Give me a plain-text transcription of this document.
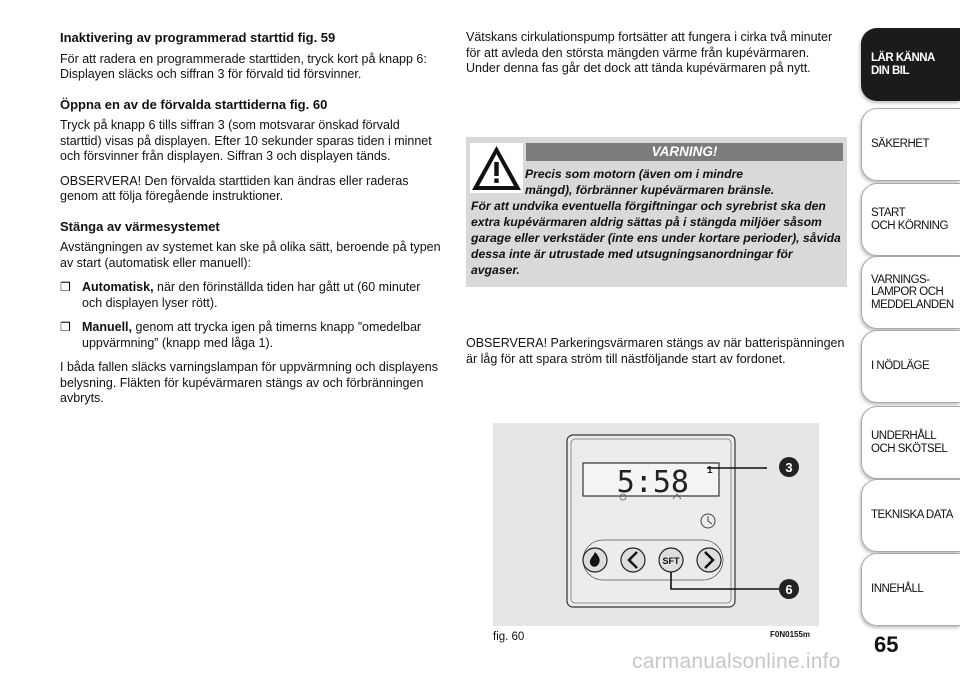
Inaktivering av programmerad starttid fig. 59

För att radera en programmerade starttiden, tryck kort på knapp 6: Displayen släcks och siffran 3 för förvald tid försvinner.

Öppna en av de förvalda starttiderna fig. 60

Tryck på knapp 6 tills siffran 3 (som motsvarar önskad förvald starttid) visas på displayen. Efter 10 sekunder sparas tiden i minnet och försvinner från displayen. Siffran 3 och displayen tänds.

OBSERVERA! Den förvalda starttiden kan ändras eller raderas genom att följa föregående instruktioner.

Stänga av värmesystemet

Avstängningen av systemet kan ske på olika sätt, beroende på typen av start (automatisk eller manuell):

❒ Automatisk, när den förinställda tiden har gått ut (60 minuter och displayen lyser rött).
❒ Manuell, genom att trycka igen på timerns knapp ”omedelbar uppvärmning” (knapp med låga 1).

I båda fallen släcks varningslampan för uppvärmning och displayens belysning. Fläkten för kupévärmaren stängs av och förbränningen avbryts.

Vätskans cirkulationspump fortsätter att fungera i cirka två minuter för att avleda den största mängden värme från kupévärmaren. Under denna fas går det dock att tända kupévärmaren på nytt.

VARNING!
Precis som motorn (även om i mindre
mängd), förbränner kupévärmaren bränsle.
För att undvika eventuella förgiftningar och syrebrist ska den extra kupévärmaren aldrig sättas på i stängda miljöer såsom garage eller verkstäder (inte ens under kortare perioder), såvida dessa inte är utrustade med utsugningsanordningar för avgaser.

OBSERVERA! Parkeringsvärmaren stängs av när batterispänningen är låg för att spara ström till nästföljande start av fordonet.

5:58 1
SFT
3
6
fig. 60	F0N0155m
LÄR KÄNNA
DIN BIL
SÄKERHET
START
OCH KÖRNING
VARNINGS-
LAMPOR OCH
MEDDELANDEN
I NÖDLÄGE
UNDERHÅLL
OCH SKÖTSEL
TEKNISKA DATA
INNEHÅLL
65
carmanualsonline.info
